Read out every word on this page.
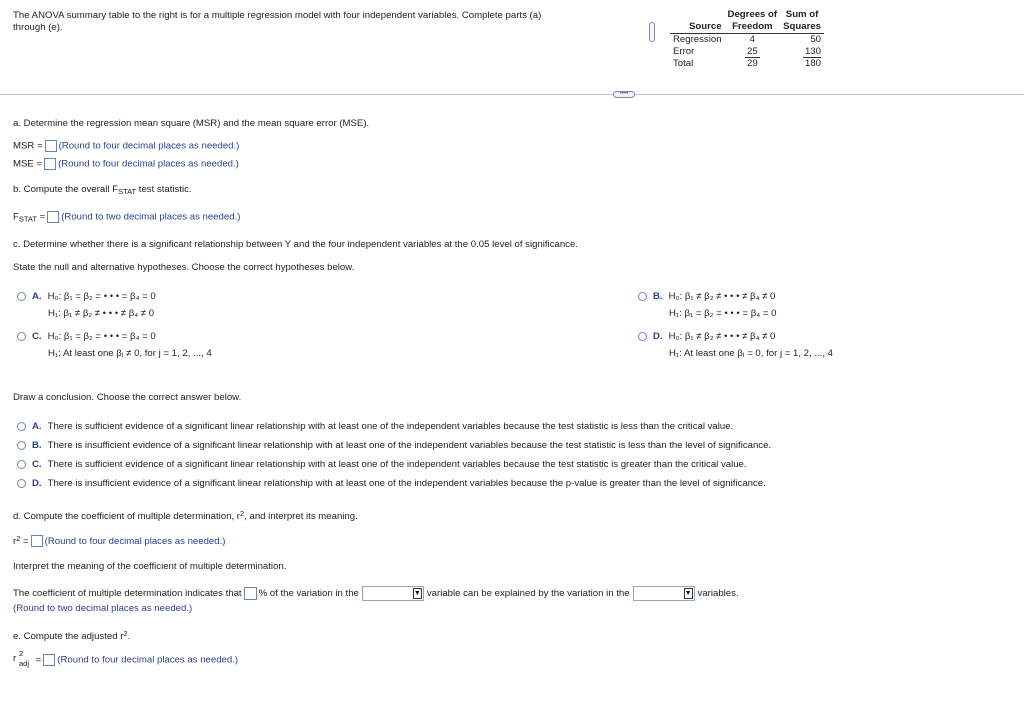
The ANOVA summary table to the right is for a multiple regression model with four independent variables. Complete parts (a)
through (e).
	Degrees of	Sum of
Source	Freedom	Squares
Regression	4	50
Error	25	130
Total	29	180
••••
a. Determine the regression mean square (MSR) and the mean square error (MSE).
MSR = (Round to four decimal places as needed.)
MSE = (Round to four decimal places as needed.)
b. Compute the overall $F_{STAT}$ test statistic.
$F_{STAT}$ = (Round to two decimal places as needed.)
c. Determine whether there is a significant relationship between Y and the four independent variables at the 0.05 level of significance.
State the null and alternative hypotheses. Choose the correct hypotheses below.
A. H₀: β₁ = β₂ = • • • = β₄ = 0
H₁: β₁ ≠ β₂ ≠ • • • ≠ β₄ ≠ 0
B. H₀: β₁ ≠ β₂ ≠ • • • ≠ β₄ ≠ 0
H₁: β₁ = β₂ = • • • = β₄ = 0
C. H₀: β₁ = β₂ = • • • = β₄ = 0
H₁: At least one βⱼ ≠ 0, for j = 1, 2, ..., 4
D. H₀: β₁ ≠ β₂ ≠ • • • ≠ β₄ ≠ 0
H₁: At least one βⱼ = 0, for j = 1, 2, ..., 4
Draw a conclusion. Choose the correct answer below.
A. There is sufficient evidence of a significant linear relationship with at least one of the independent variables because the test statistic is less than the critical value.
B. There is insufficient evidence of a significant linear relationship with at least one of the independent variables because the test statistic is less than the level of significance.
C. There is sufficient evidence of a significant linear relationship with at least one of the independent variables because the test statistic is greater than the critical value.
D. There is insufficient evidence of a significant linear relationship with at least one of the independent variables because the p-value is greater than the level of significance.
d. Compute the coefficient of multiple determination, $r^2$, and interpret its meaning.
$r^2$ = (Round to four decimal places as needed.)
Interpret the meaning of the coefficient of multiple determination.
The coefficient of multiple determination indicates that % of the variation in the	▼ variable can be explained by the variation in the	▼ variables.
(Round to two decimal places as needed.)
e. Compute the adjusted $r^2$.
r 2
adj = (Round to four decimal places as needed.)
